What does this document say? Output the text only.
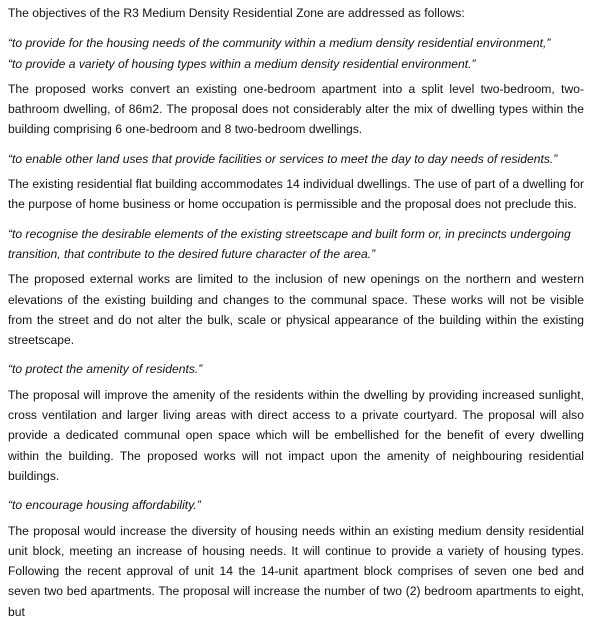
The objectives of the R3 Medium Density Residential Zone are addressed as follows:

“to provide for the housing needs of the community within a medium density residential environment,”

“to provide a variety of housing types within a medium density residential environment.”

The proposed works convert an existing one-bedroom apartment into a split level two-bedroom, two-bathroom dwelling, of 86m2. The proposal does not considerably alter the mix of dwelling types within the building comprising 6 one-bedroom and 8 two-bedroom dwellings.

“to enable other land uses that provide facilities or services to meet the day to day needs of residents.”

The existing residential flat building accommodates 14 individual dwellings. The use of part of a dwelling for the purpose of home business or home occupation is permissible and the proposal does not preclude this.

“to recognise the desirable elements of the existing streetscape and built form or, in precincts undergoing transition, that contribute to the desired future character of the area.”

The proposed external works are limited to the inclusion of new openings on the northern and western elevations of the existing building and changes to the communal space. These works will not be visible from the street and do not alter the bulk, scale or physical appearance of the building within the existing streetscape.

“to protect the amenity of residents.”

The proposal will improve the amenity of the residents within the dwelling by providing increased sunlight, cross ventilation and larger living areas with direct access to a private courtyard. The proposal will also provide a dedicated communal open space which will be embellished for the benefit of every dwelling within the building. The proposed works will not impact upon the amenity of neighbouring residential buildings.

“to encourage housing affordability.”

The proposal would increase the diversity of housing needs within an existing medium density residential unit block, meeting an increase of housing needs. It will continue to provide a variety of housing types. Following the recent approval of unit 14 the 14-unit apartment block comprises of seven one bed and seven two bed apartments. The proposal will increase the number of two (2) bedroom apartments to eight, but
